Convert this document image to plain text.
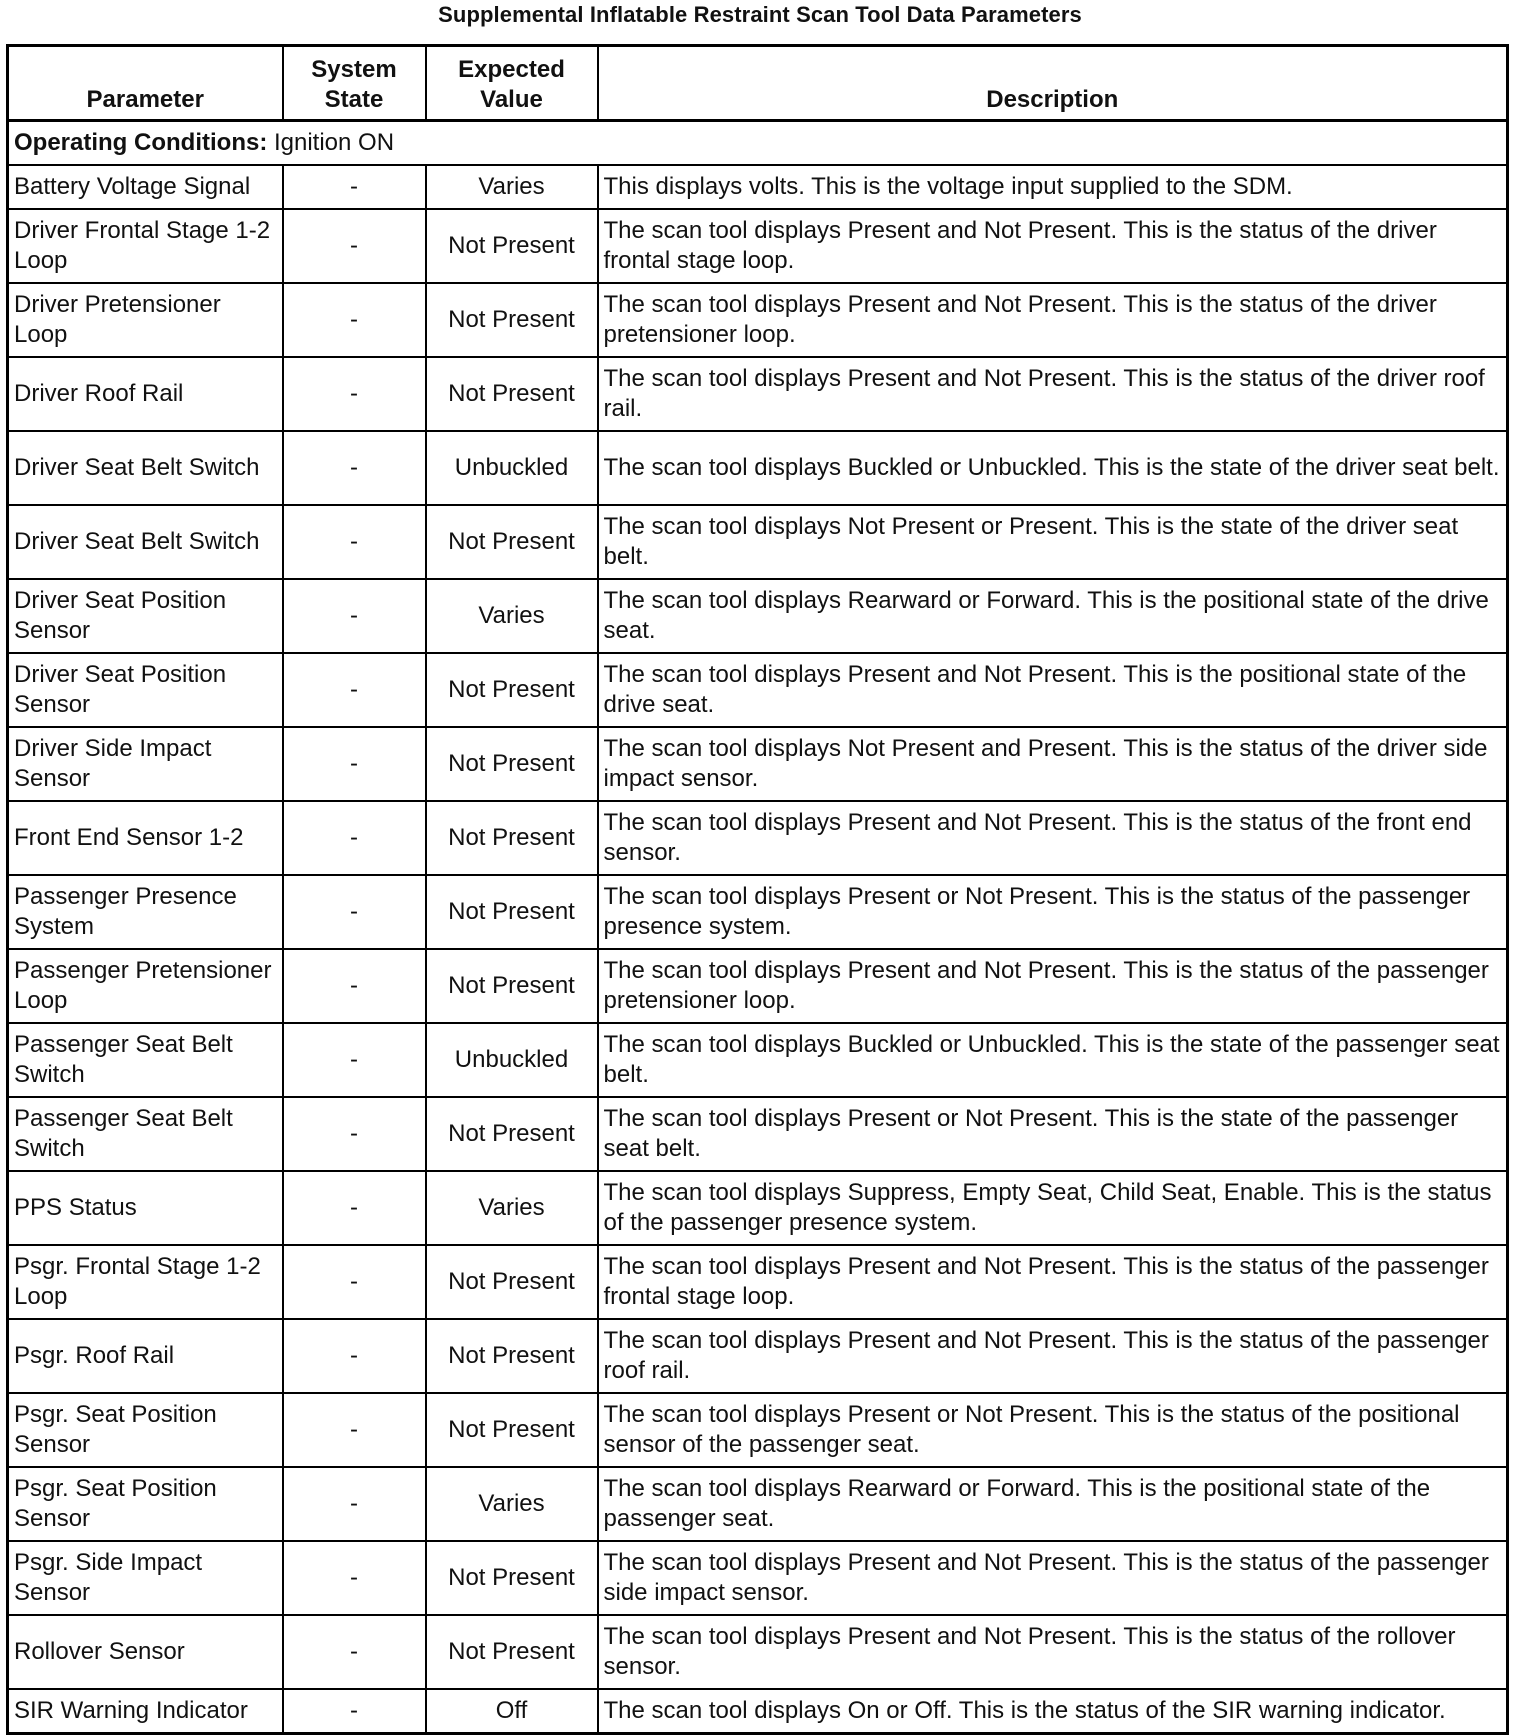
Supplemental Inflatable Restraint Scan Tool Data Parameters
Parameter	System State	Expected Value	Description
Operating Conditions: Ignition ON			
Battery Voltage Signal	-	Varies	This displays volts. This is the voltage input supplied to the SDM.
Driver Frontal Stage 1-2 Loop	-	Not Present	The scan tool displays Present and Not Present. This is the status of the driver frontal stage loop.
Driver Pretensioner Loop	-	Not Present	The scan tool displays Present and Not Present. This is the status of the driver pretensioner loop.
Driver Roof Rail	-	Not Present	The scan tool displays Present and Not Present. This is the status of the driver roof rail.
Driver Seat Belt Switch	-	Unbuckled	The scan tool displays Buckled or Unbuckled. This is the state of the driver seat belt.
Driver Seat Belt Switch	-	Not Present	The scan tool displays Not Present or Present. This is the state of the driver seat belt.
Driver Seat Position Sensor	-	Varies	The scan tool displays Rearward or Forward. This is the positional state of the drive seat.
Driver Seat Position Sensor	-	Not Present	The scan tool displays Present and Not Present. This is the positional state of the drive seat.
Driver Side Impact Sensor	-	Not Present	The scan tool displays Not Present and Present. This is the status of the driver side impact sensor.
Front End Sensor 1-2	-	Not Present	The scan tool displays Present and Not Present. This is the status of the front end sensor.
Passenger Presence System	-	Not Present	The scan tool displays Present or Not Present. This is the status of the passenger presence system.
Passenger Pretensioner Loop	-	Not Present	The scan tool displays Present and Not Present. This is the status of the passenger pretensioner loop.
Passenger Seat Belt Switch	-	Unbuckled	The scan tool displays Buckled or Unbuckled. This is the state of the passenger seat belt.
Passenger Seat Belt Switch	-	Not Present	The scan tool displays Present or Not Present. This is the state of the passenger seat belt.
PPS Status	-	Varies	The scan tool displays Suppress, Empty Seat, Child Seat, Enable. This is the status of the passenger presence system.
Psgr. Frontal Stage 1-2 Loop	-	Not Present	The scan tool displays Present and Not Present. This is the status of the passenger frontal stage loop.
Psgr. Roof Rail	-	Not Present	The scan tool displays Present and Not Present. This is the status of the passenger roof rail.
Psgr. Seat Position Sensor	-	Not Present	The scan tool displays Present or Not Present. This is the status of the positional sensor of the passenger seat.
Psgr. Seat Position Sensor	-	Varies	The scan tool displays Rearward or Forward. This is the positional state of the passenger seat.
Psgr. Side Impact Sensor	-	Not Present	The scan tool displays Present and Not Present. This is the status of the passenger side impact sensor.
Rollover Sensor	-	Not Present	The scan tool displays Present and Not Present. This is the status of the rollover sensor.
SIR Warning Indicator	-	Off	The scan tool displays On or Off. This is the status of the SIR warning indicator.
